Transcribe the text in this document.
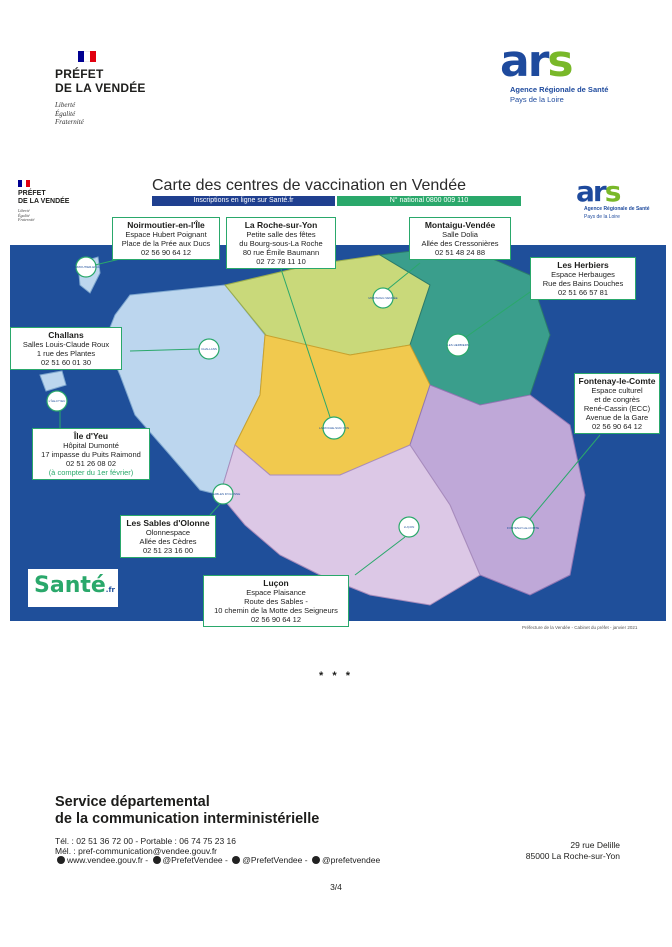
PRÉFET
DE LA VENDÉE
Liberté
Égalité
Fraternité
ars
Agence Régionale de Santé
Pays de la Loire
PRÉFET
DE LA VENDÉE
Liberté
Égalité
Fraternité
Carte des centres de vaccination en Vendée
Inscriptions en ligne sur Santé.fr	N° national 0800 009 110	ars
Agence Régionale de Santé
Pays de la Loire
NOIRMOUTIER-EN-ÎLE
CHALLANS
L'ÎLE-D'YEU
LES SABLES D'OLONNE
LA ROCHE-SUR-YON
MONTAIGU-VENDÉE
LES HERBIERS
LUÇON	FONTENAY-LE-COMTE
Noirmoutier-en-l'Île
Espace Hubert Poignant
Place de la Prée aux Ducs
02 56 90 64 12
La Roche-sur-Yon
Petite salle des fêtes
du Bourg-sous-La Roche
80 rue Émile Baumann
02 72 78 11 10
Montaigu-Vendée
Salle Dolia
Allée des Cressonières
02 51 48 24 88
Les Herbiers
Espace Herbauges
Rue des Bains Douches
02 51 66 57 81
Challans
Salles Louis-Claude Roux
1 rue des Plantes
02 51 60 01 30
Île d'Yeu
Hôpital Dumonté
17 impasse du Puits Raimond
02 51 26 08 02
(à compter du 1er février)
Fontenay-le-Comte
Espace culturel
et de congrès
René-Cassin (ECC)
Avenue de la Gare
02 56 90 64 12
Les Sables d'Olonne
Olonnespace
Allée des Cèdres
02 51 23 16 00
Luçon
Espace Plaisance
Route des Sables -
10 chemin de la Motte des Seigneurs
02 56 90 64 12
Santé.fr
Préfecture de la Vendée - Cabinet du préfet - janvier 2021
* * *
Service départemental
de la communication interministérielle
Tél. : 02 51 36 72 00 - Portable : 06 74 75 23 16
Mél. : pref-communication@vendee.gouv.fr
www.vendee.gouv.fr - @PrefetVendee - @PrefetVendee - @prefetvendee
29 rue Delille
85000 La Roche-sur-Yon
3/4
